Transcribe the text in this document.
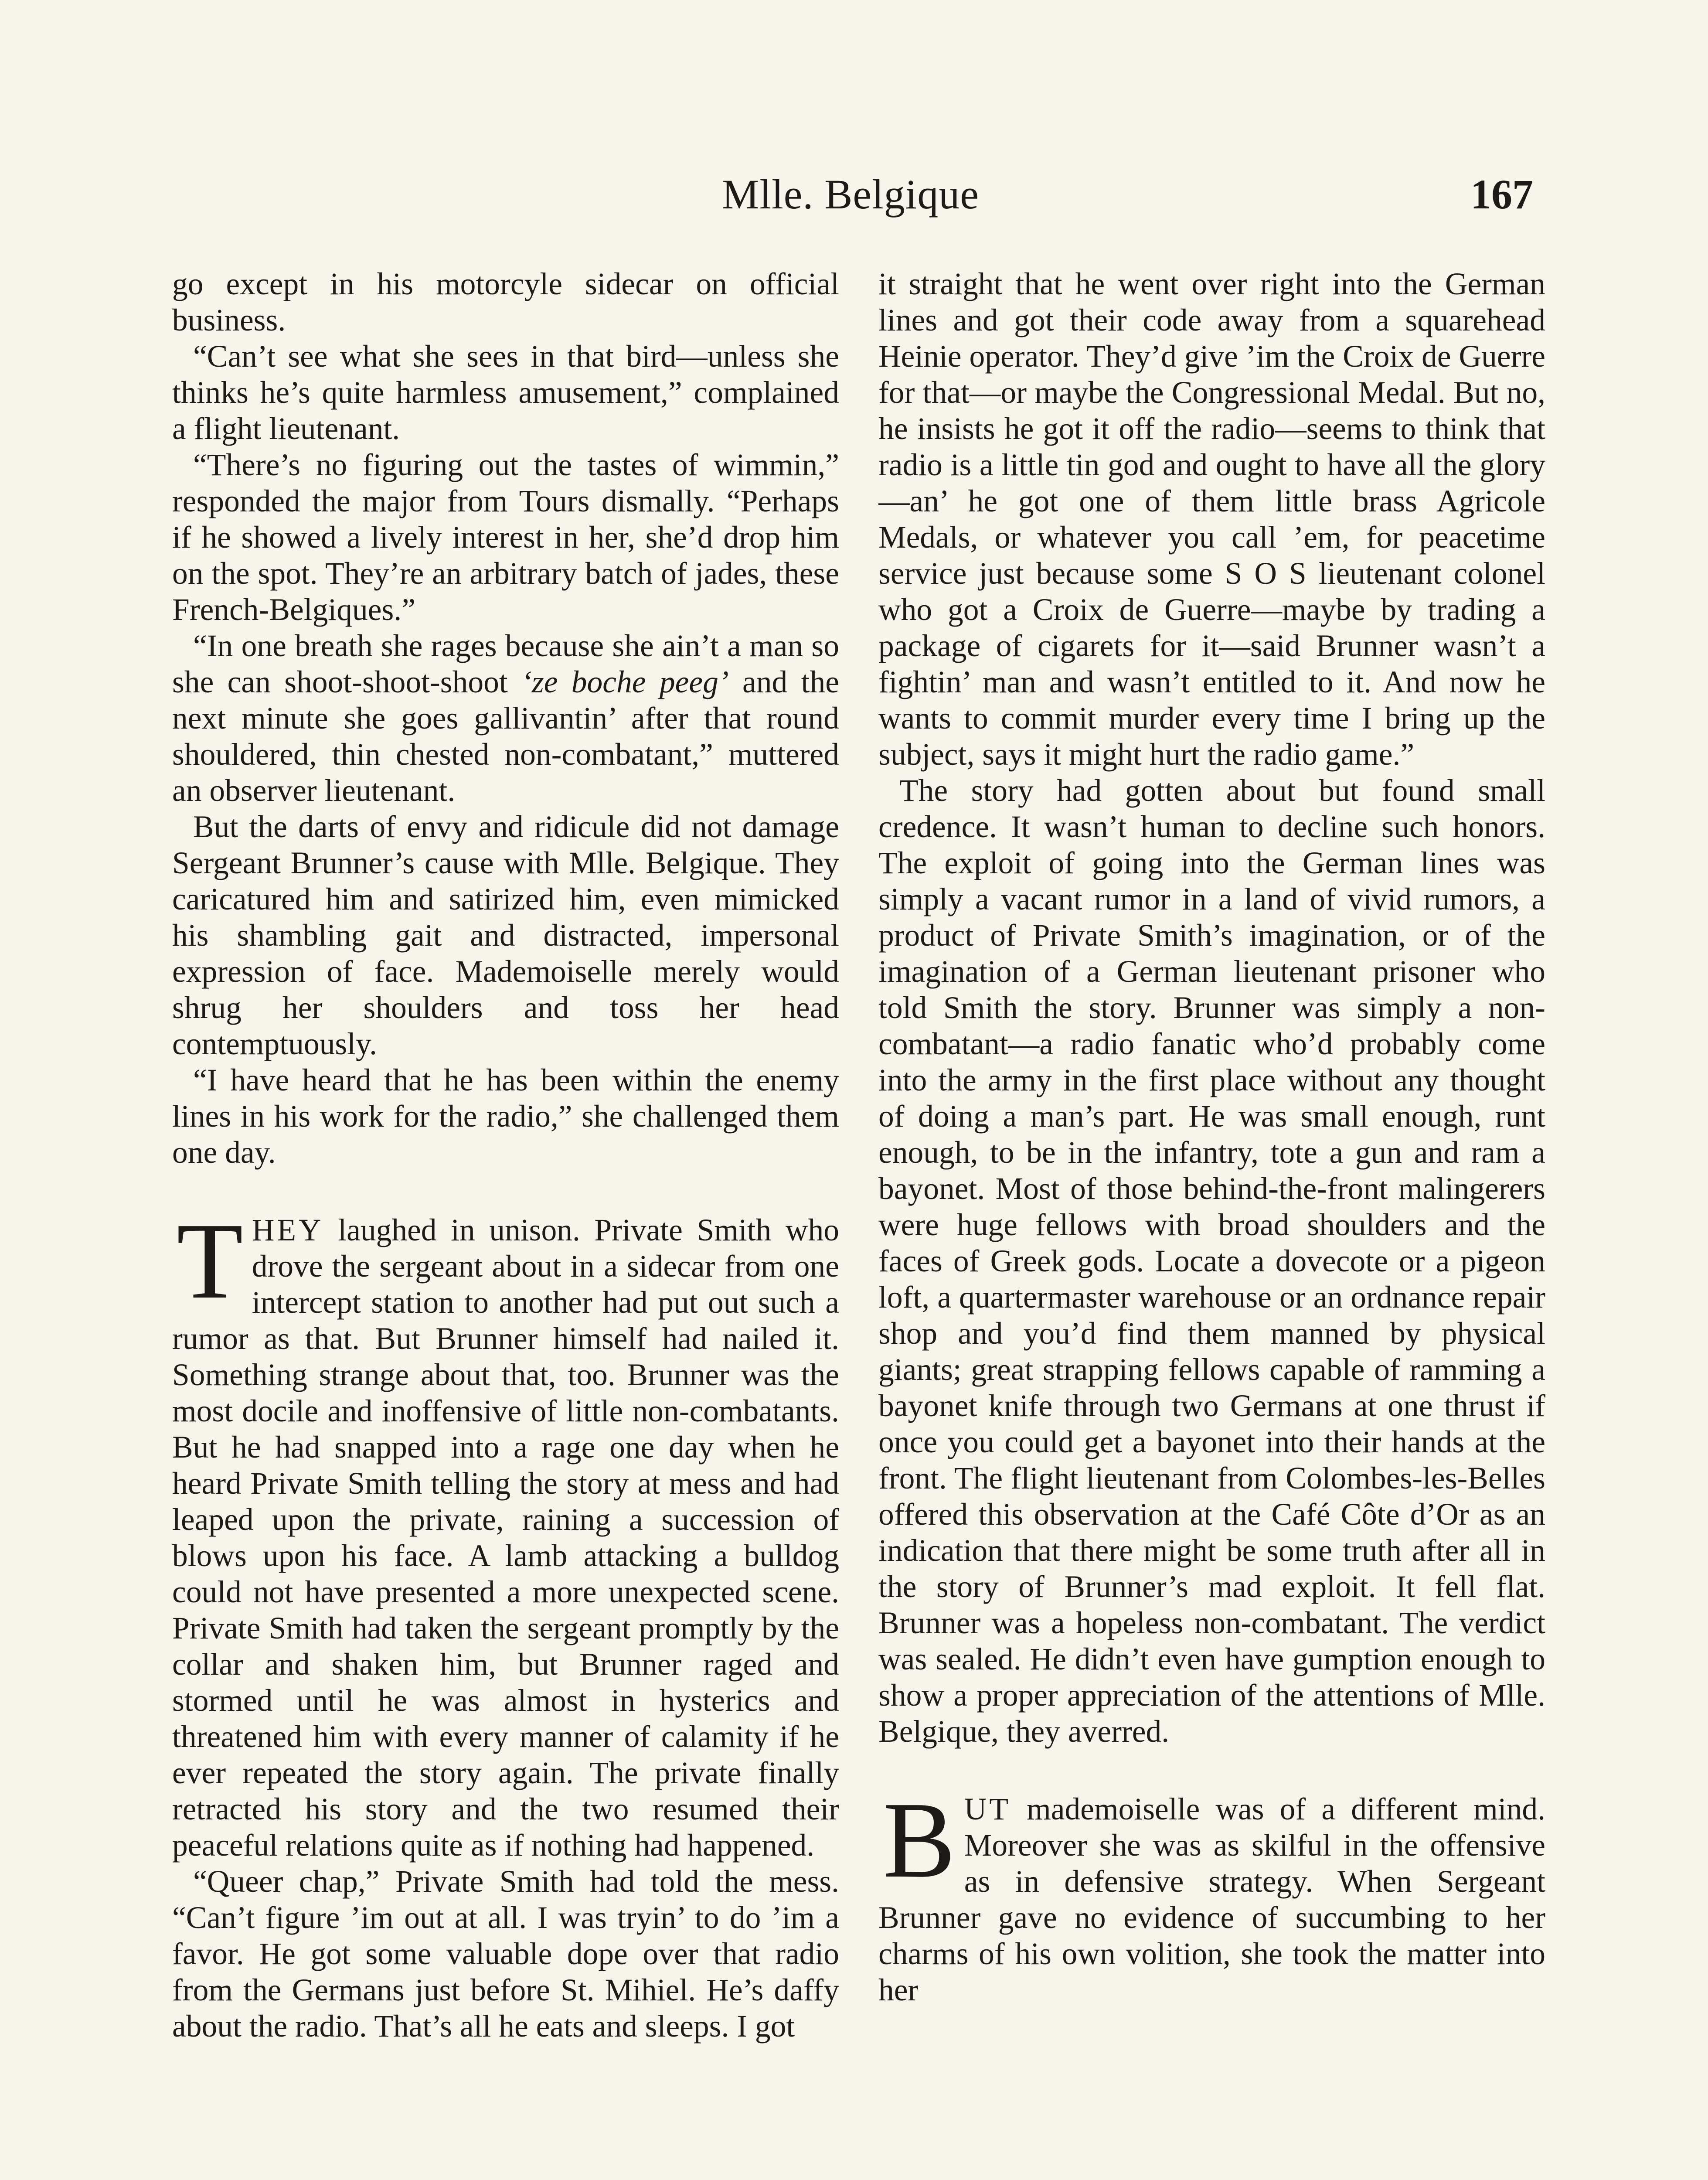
Mlle. Belgique	167

go except in his motorcyle sidecar on official business.

“Can’t see what she sees in that bird—unless she thinks he’s quite harmless amusement,” complained a flight lieutenant.

“There’s no figuring out the tastes of wimmin,” responded the major from Tours dismally. “Perhaps if he showed a lively interest in her, she’d drop him on the spot. They’re an arbitrary batch of jades, these French-Belgiques.”

“In one breath she rages because she ain’t a man so she can shoot-shoot-shoot ‘ze boche peeg’ and the next minute she goes gallivantin’ after that round shouldered, thin chested non-combatant,” muttered an observer lieutenant.

But the darts of envy and ridicule did not damage Sergeant Brunner’s cause with Mlle. Belgique. They caricatured him and satirized him, even mimicked his shambling gait and distracted, impersonal expression of face. Mademoiselle merely would shrug her shoulders and toss her head contemptuously.

“I have heard that he has been within the enemy lines in his work for the radio,” she challenged them one day.

THEY laughed in unison. Private Smith who drove the sergeant about in a sidecar from one intercept station to another had put out such a rumor as that. But Brunner himself had nailed it. Something strange about that, too. Brunner was the most docile and inoffensive of little non-combatants. But he had snapped into a rage one day when he heard Private Smith telling the story at mess and had leaped upon the private, raining a succession of blows upon his face. A lamb attacking a bulldog could not have presented a more unexpected scene. Private Smith had taken the sergeant promptly by the collar and shaken him, but Brunner raged and stormed until he was almost in hysterics and threatened him with every manner of calamity if he ever repeated the story again. The private finally retracted his story and the two resumed their peaceful relations quite as if nothing had happened.

“Queer chap,” Private Smith had told the mess. “Can’t figure ’im out at all. I was tryin’ to do ’im a favor. He got some valuable dope over that radio from the Germans just before St. Mihiel. He’s daffy about the radio. That’s all he eats and sleeps. I got

it straight that he went over right into the German lines and got their code away from a squarehead Heinie operator. They’d give ’im the Croix de Guerre for that—or maybe the Congressional Medal. But no, he insists he got it off the radio—seems to think that radio is a little tin god and ought to have all the glory—an’ he got one of them little brass Agricole Medals, or whatever you call ’em, for peacetime service just because some S O S lieutenant colonel who got a Croix de Guerre—maybe by trading a package of cigarets for it—said Brunner wasn’t a fightin’ man and wasn’t entitled to it. And now he wants to commit murder every time I bring up the subject, says it might hurt the radio game.”

The story had gotten about but found small credence. It wasn’t human to decline such honors. The exploit of going into the German lines was simply a vacant rumor in a land of vivid rumors, a product of Private Smith’s imagination, or of the imagination of a German lieutenant prisoner who told Smith the story. Brunner was simply a non-combatant—a radio fanatic who’d probably come into the army in the first place without any thought of doing a man’s part. He was small enough, runt enough, to be in the infantry, tote a gun and ram a bayonet. Most of those behind-the-front malingerers were huge fellows with broad shoulders and the faces of Greek gods. Locate a dovecote or a pigeon loft, a quartermaster warehouse or an ordnance repair shop and you’d find them manned by physical giants; great strapping fellows capable of ramming a bayonet knife through two Germans at one thrust if once you could get a bayonet into their hands at the front. The flight lieutenant from Colombes-les-Belles offered this observation at the Café Côte d’Or as an indication that there might be some truth after all in the story of Brunner’s mad exploit. It fell flat. Brunner was a hopeless non-combatant. The verdict was sealed. He didn’t even have gumption enough to show a proper appreciation of the attentions of Mlle. Belgique, they averred.

BUT mademoiselle was of a different mind. Moreover she was as skilful in the offensive as in defensive strategy. When Sergeant Brunner gave no evidence of succumbing to her charms of his own volition, she took the matter into her
